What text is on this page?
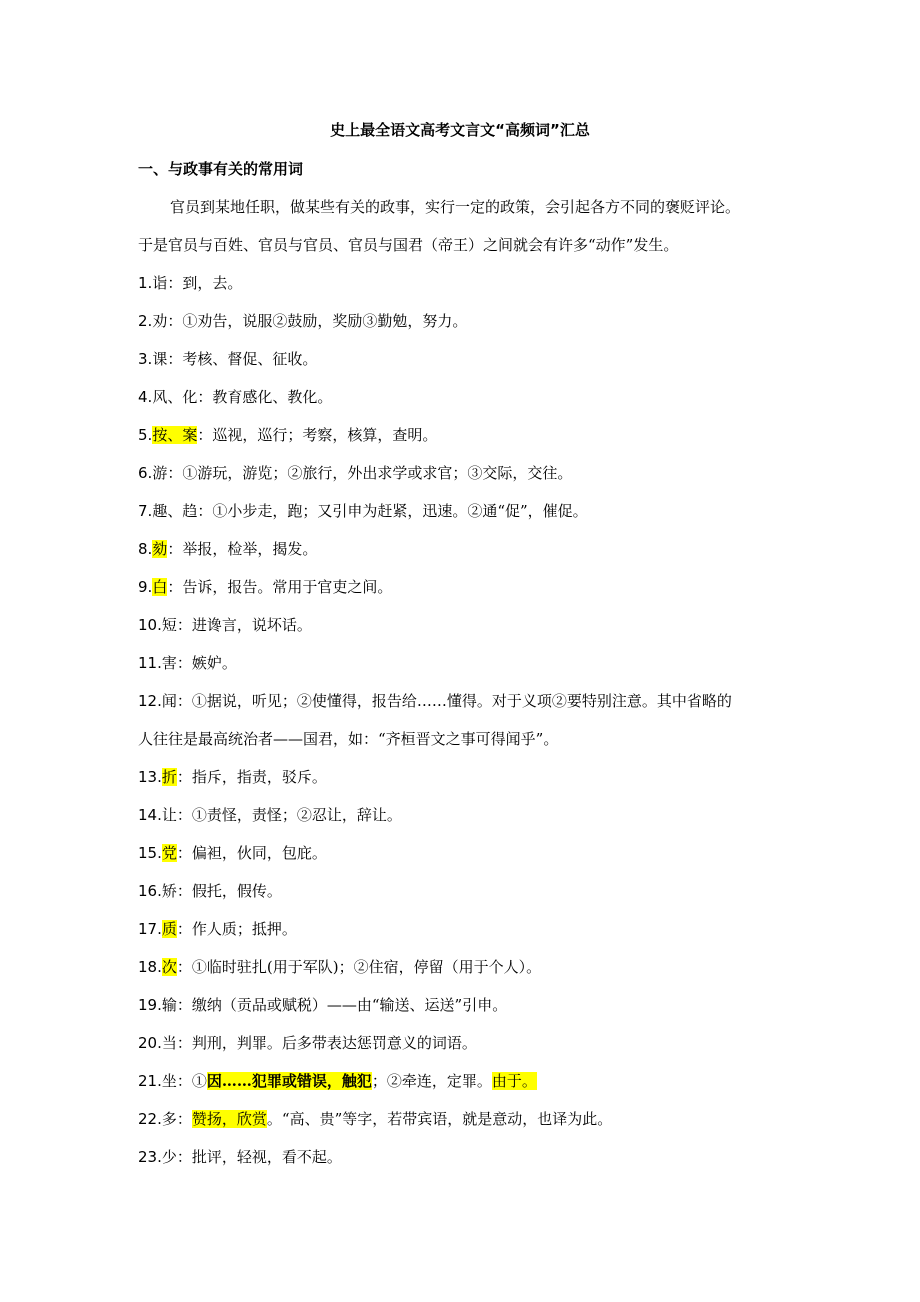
史上最全语文高考文言文“高频词”汇总
一、与政事有关的常用词
官员到某地任职，做某些有关的政事，实行一定的政策，会引起各方不同的褒贬评论。
于是官员与百姓、官员与官员、官员与国君（帝王）之间就会有许多“动作”发生。
1.诣：到，去。
2.劝：①劝告，说服②鼓励，奖励③勤勉，努力。
3.课：考核、督促、征收。
4.风、化：教育感化、教化。
5.按、案：巡视，巡行；考察，核算，查明。
6.游：①游玩，游览；②旅行，外出求学或求官；③交际，交往。
7.趣、趋：①小步走，跑；又引申为赶紧，迅速。②通“促”，催促。
8.劾：举报，检举，揭发。
9.白：告诉，报告。常用于官吏之间。
10.短：进谗言，说坏话。
11.害：嫉妒。
12.闻：①据说，听见；②使懂得，报告给……懂得。对于义项②要特别注意。其中省略的
人往往是最高统治者——国君，如：“齐桓晋文之事可得闻乎”。
13.折：指斥，指责，驳斥。
14.让：①责怪，责怪；②忍让，辞让。
15.党：偏袒，伙同，包庇。
16.矫：假托，假传。
17.质：作人质；抵押。
18.次：①临时驻扎(用于军队)；②住宿，停留（用于个人）。
19.输：缴纳（贡品或赋税）——由“输送、运送”引申。
20.当：判刑，判罪。后多带表达惩罚意义的词语。
21.坐：①因……犯罪或错误，触犯；②牵连，定罪。由于。
22.多：赞扬，欣赏。“高、贵”等字，若带宾语，就是意动，也译为此。
23.少：批评，轻视，看不起。
